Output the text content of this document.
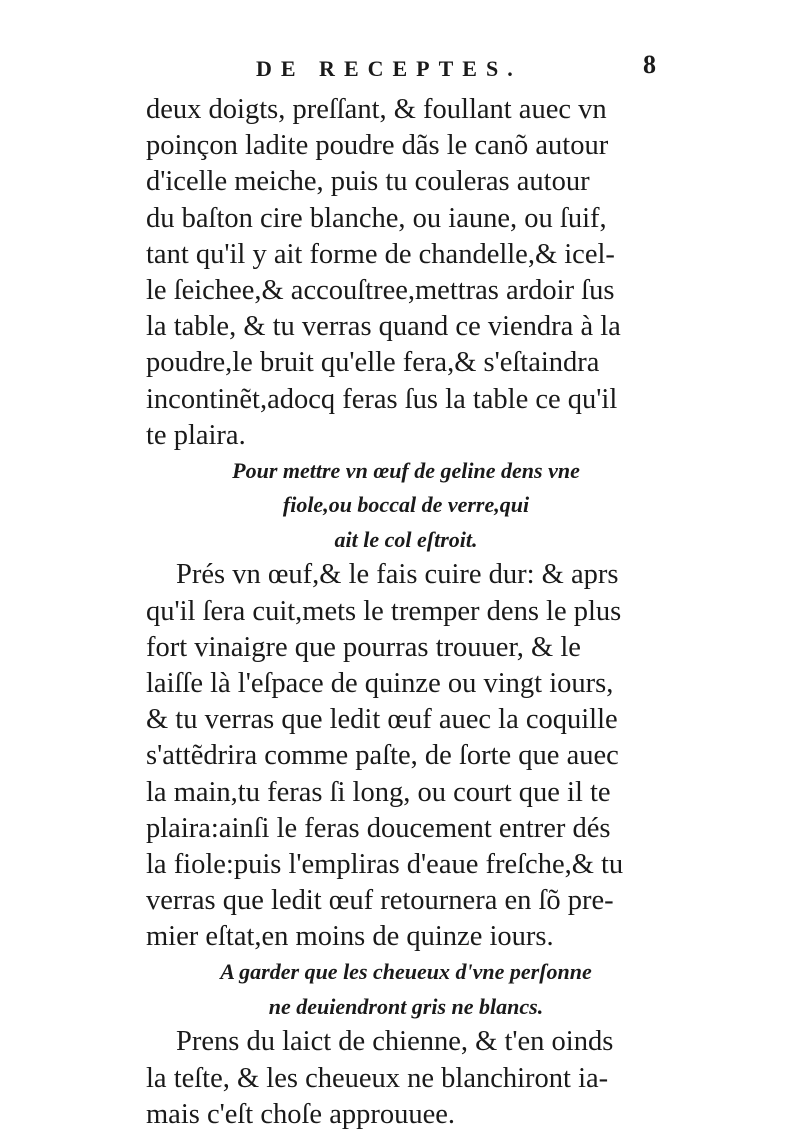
DE RECEPTES.	8
deux doigts, preſſant, & foullant auec vn
poinçon ladite poudre dãs le canõ autour
d'icelle meiche, puis tu couleras autour
du baſton cire blanche, ou iaune, ou ſuif,
tant qu'il y ait forme de chandelle,& icel-
le ſeichee,& accouſtree,mettras ardoir ſus
la table, & tu verras quand ce viendra à la
poudre,le bruit qu'elle fera,& s'eſtaindra
incontinẽt,adocq feras ſus la table ce qu'il
te plaira.
Pour mettre vn œuf de geline dens vne
fiole,ou boccal de verre,qui
ait le col eſtroit.
Prés vn œuf,& le fais cuire dur: & aprs
qu'il ſera cuit,mets le tremper dens le plus
fort vinaigre que pourras trouuer, & le
laiſſe là l'eſpace de quinze ou vingt iours,
& tu verras que ledit œuf auec la coquille
s'attẽdrira comme paſte, de ſorte que auec
la main,tu feras ſi long, ou court que il te
plaira:ainſi le feras doucement entrer dés
la fiole:puis l'empliras d'eaue freſche,& tu
verras que ledit œuf retournera en ſõ pre-
mier eſtat,en moins de quinze iours.
A garder que les cheueux d'vne perſonne
ne deuiendront gris ne blancs.
Prens du laict de chienne, & t'en oinds
la teſte, & les cheueux ne blanchiront ia-
mais c'eſt choſe approuuee.
